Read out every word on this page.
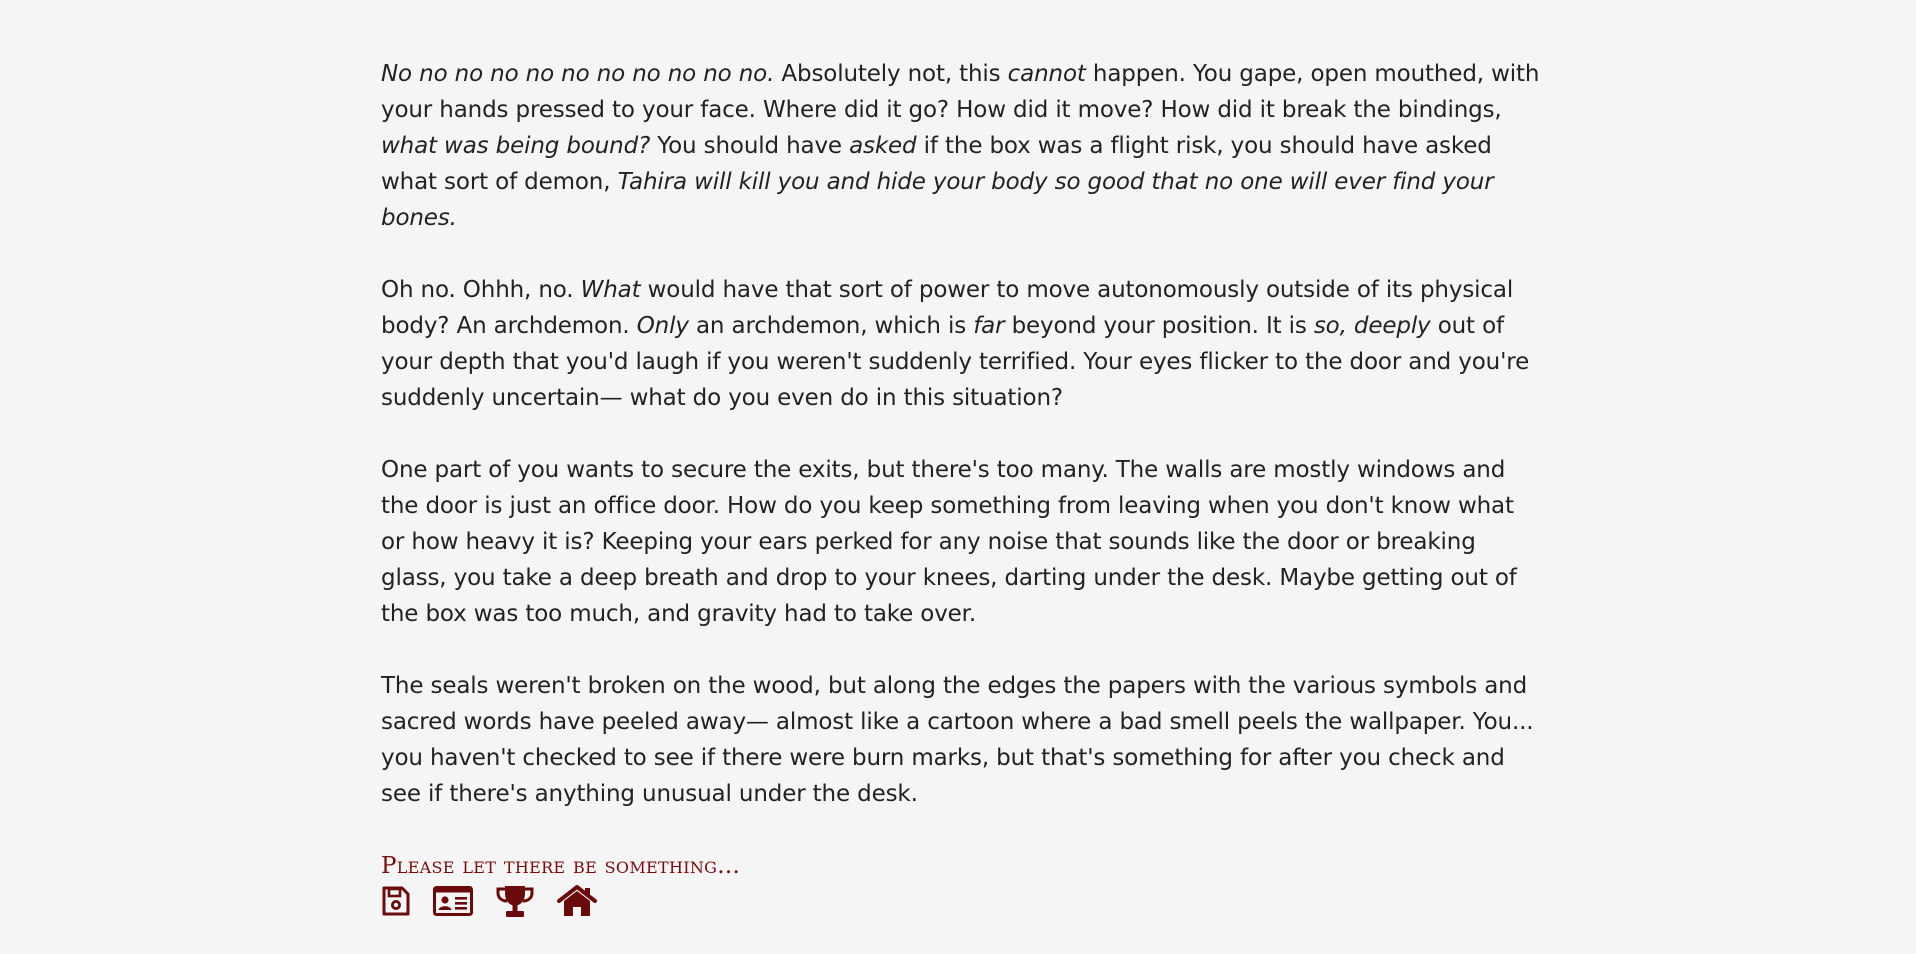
No no no no no no no no no no no. Absolutely not, this cannot happen. You gape, open mouthed, with your hands pressed to your face. Where did it go? How did it move? How did it break the bindings, what was being bound? You should have asked if the box was a flight risk, you should have asked what sort of demon, Tahira will kill you and hide your body so good that no one will ever find your bones.

Oh no. Ohhh, no. What would have that sort of power to move autonomously outside of its physical body? An archdemon. Only an archdemon, which is far beyond your position. It is so, deeply out of your depth that you'd laugh if you weren't suddenly terrified. Your eyes flicker to the door and you're suddenly uncertain— what do you even do in this situation?

One part of you wants to secure the exits, but there's too many. The walls are mostly windows and the door is just an office door. How do you keep something from leaving when you don't know what or how heavy it is? Keeping your ears perked for any noise that sounds like the door or breaking glass, you take a deep breath and drop to your knees, darting under the desk. Maybe getting out of the box was too much, and gravity had to take over.

The seals weren't broken on the wood, but along the edges the papers with the various symbols and sacred words have peeled away— almost like a cartoon where a bad smell peels the wallpaper. You... you haven't checked to see if there were burn marks, but that's something for after you check and see if there's anything unusual under the desk.

Please let there be something...
